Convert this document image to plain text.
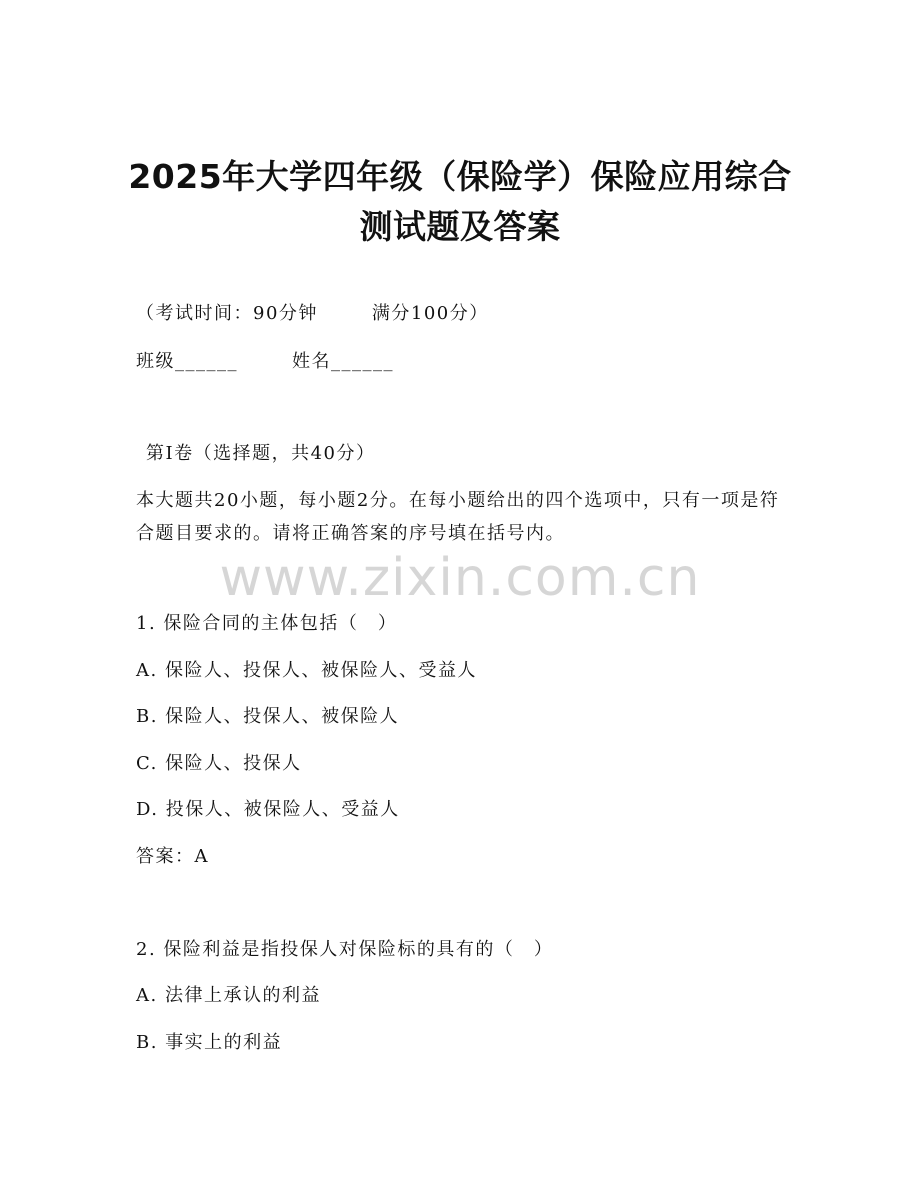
2025年大学四年级（保险学）保险应用综合
测试题及答案
（考试时间：90分钟	满分100分）
班级______	姓名______
第I卷（选择题，共40分）
本大题共20小题，每小题2分。在每小题给出的四个选项中，只有一项是符合题目要求的。请将正确答案的序号填在括号内。
www.zixin.com.cn
1. 保险合同的主体包括（　）
A. 保险人、投保人、被保险人、受益人
B. 保险人、投保人、被保险人
C. 保险人、投保人
D. 投保人、被保险人、受益人
答案：A
2. 保险利益是指投保人对保险标的具有的（　）
A. 法律上承认的利益
B. 事实上的利益
